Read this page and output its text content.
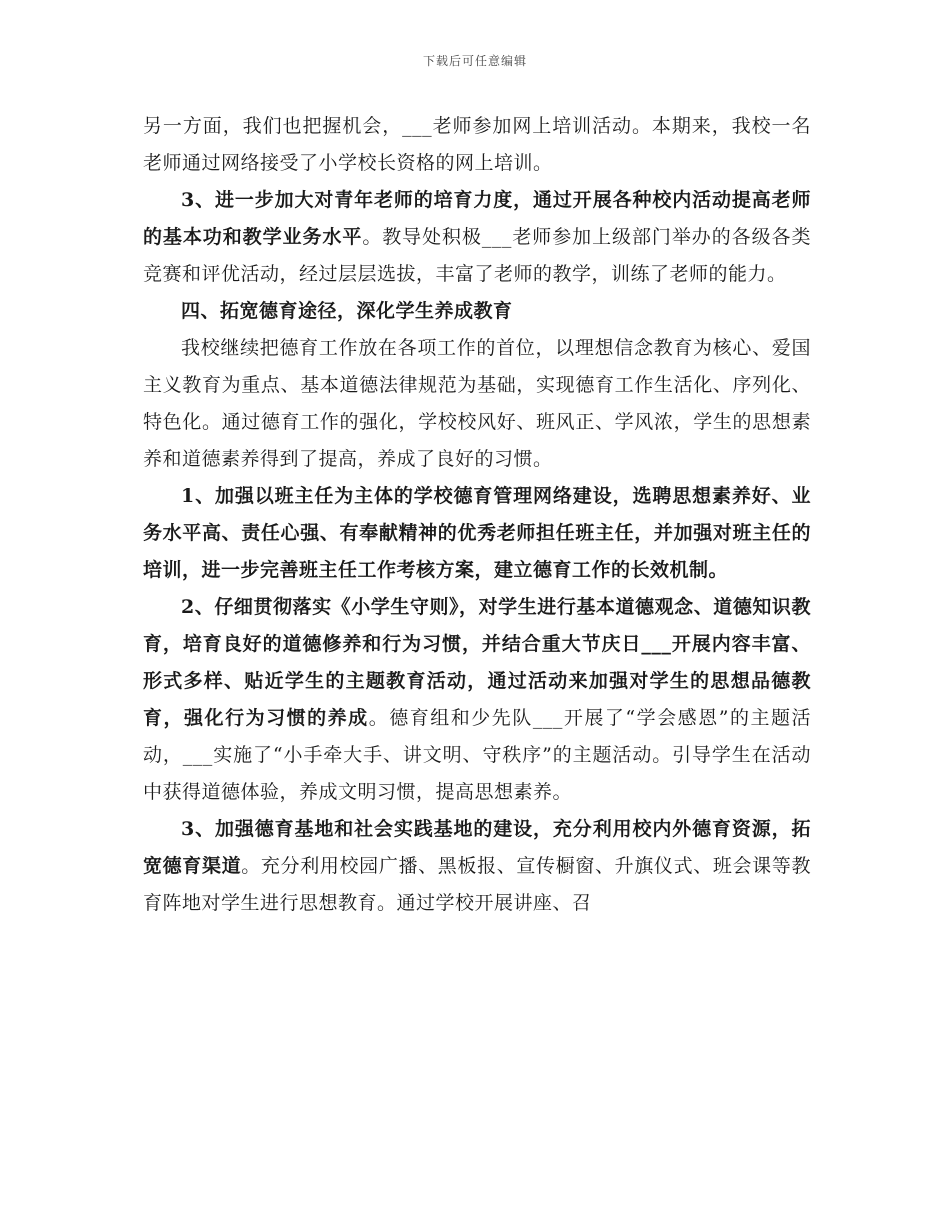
下载后可任意编辑

另一方面，我们也把握机会，___老师参加网上培训活动。本期来，我校一名老师通过网络接受了小学校长资格的网上培训。

3、进一步加大对青年老师的培育力度，通过开展各种校内活动提高老师的基本功和教学业务水平。教导处积极___老师参加上级部门举办的各级各类竞赛和评优活动，经过层层选拔，丰富了老师的教学，训练了老师的能力。

四、拓宽德育途径，深化学生养成教育

我校继续把德育工作放在各项工作的首位，以理想信念教育为核心、爱国主义教育为重点、基本道德法律规范为基础，实现德育工作生活化、序列化、特色化。通过德育工作的强化，学校校风好、班风正、学风浓，学生的思想素养和道德素养得到了提高，养成了良好的习惯。

1、加强以班主任为主体的学校德育管理网络建设，选聘思想素养好、业务水平高、责任心强、有奉献精神的优秀老师担任班主任，并加强对班主任的培训，进一步完善班主任工作考核方案，建立德育工作的长效机制。

2、仔细贯彻落实《小学生守则》，对学生进行基本道德观念、道德知识教育，培育良好的道德修养和行为习惯，并结合重大节庆日___开展内容丰富、形式多样、贴近学生的主题教育活动，通过活动来加强对学生的思想品德教育，强化行为习惯的养成。德育组和少先队___开展了“学会感恩”的主题活动，___实施了“小手牵大手、讲文明、守秩序”的主题活动。引导学生在活动中获得道德体验，养成文明习惯，提高思想素养。

3、加强德育基地和社会实践基地的建设，充分利用校内外德育资源，拓宽德育渠道。充分利用校园广播、黑板报、宣传橱窗、升旗仪式、班会课等教育阵地对学生进行思想教育。通过学校开展讲座、召
